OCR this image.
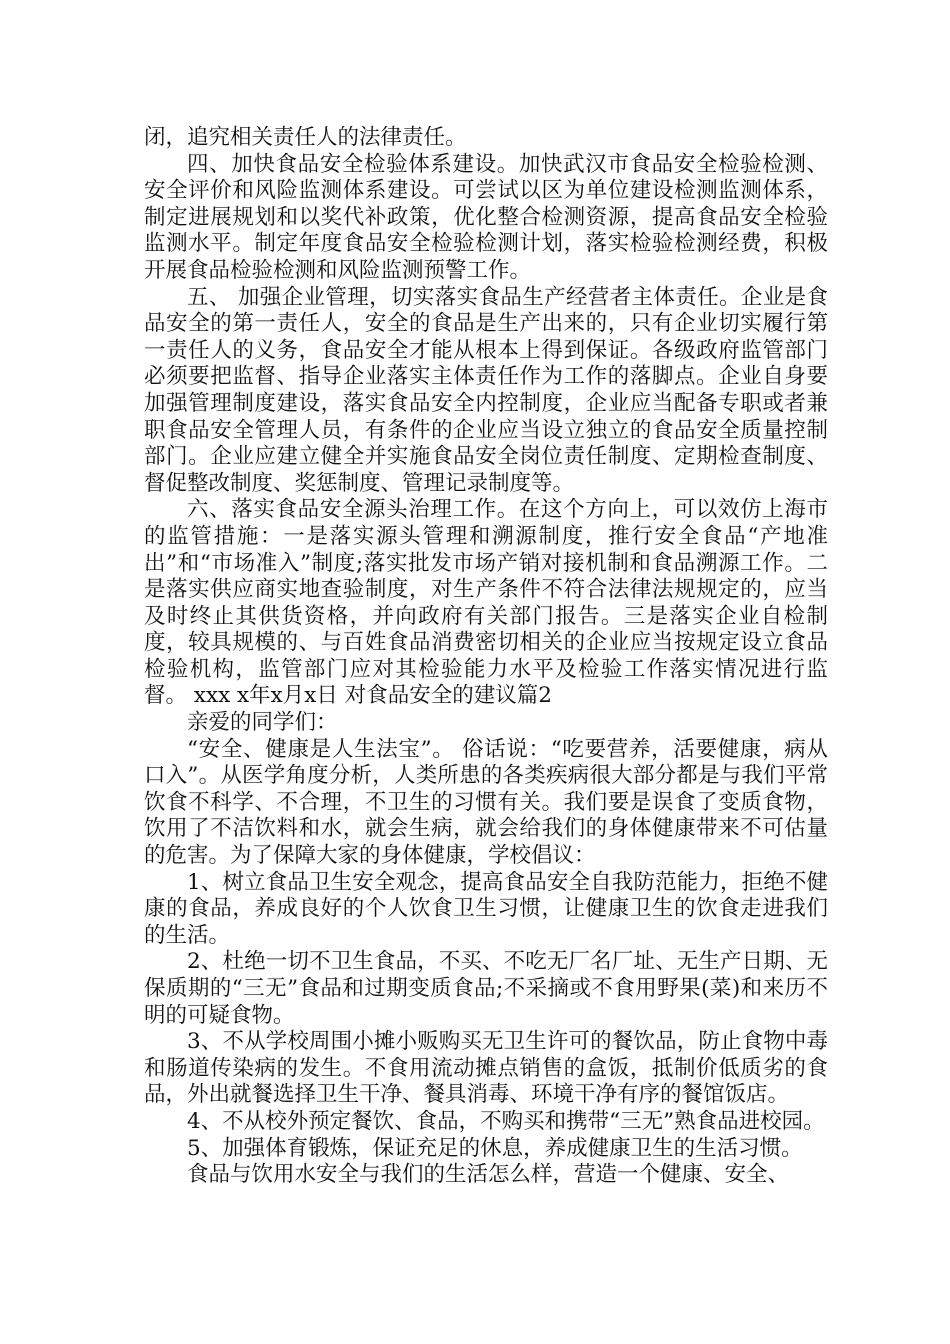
闭，追究相关责任人的法律责任。

四、加快食品安全检验体系建设。加快武汉市食品安全检验检测、安全评价和风险监测体系建设。可尝试以区为单位建设检测监测体系，制定进展规划和以奖代补政策，优化整合检测资源，提高食品安全检验监测水平。制定年度食品安全检验检测计划，落实检验检测经费，积极开展食品检验检测和风险监测预警工作。

五、 加强企业管理，切实落实食品生产经营者主体责任。企业是食品安全的第一责任人，安全的食品是生产出来的，只有企业切实履行第一责任人的义务，食品安全才能从根本上得到保证。各级政府监管部门必须要把监督、指导企业落实主体责任作为工作的落脚点。企业自身要加强管理制度建设，落实食品安全内控制度，企业应当配备专职或者兼职食品安全管理人员，有条件的企业应当设立独立的食品安全质量控制部门。企业应建立健全并实施食品安全岗位责任制度、定期检查制度、督促整改制度、奖惩制度、管理记录制度等。

六、落实食品安全源头治理工作。在这个方向上，可以效仿上海市的监管措施：一是落实源头管理和溯源制度，推行安全食品“产地准出”和“市场准入”制度;落实批发市场产销对接机制和食品溯源工作。二是落实供应商实地查验制度，对生产条件不符合法律法规规定的，应当及时终止其供货资格，并向政府有关部门报告。三是落实企业自检制度，较具规模的、与百姓食品消费密切相关的企业应当按规定设立食品检验机构，监管部门应对其检验能力水平及检验工作落实情况进行监督。 xxx x年x月x日 对食品安全的建议篇2

亲爱的同学们：

“安全、健康是人生法宝”。 俗话说：“吃要营养，活要健康，病从口入”。从医学角度分析，人类所患的各类疾病很大部分都是与我们平常饮食不科学、不合理，不卫生的习惯有关。我们要是误食了变质食物，饮用了不洁饮料和水，就会生病，就会给我们的身体健康带来不可估量的危害。为了保障大家的身体健康，学校倡议：

1、树立食品卫生安全观念，提高食品安全自我防范能力，拒绝不健康的食品，养成良好的个人饮食卫生习惯，让健康卫生的饮食走进我们的生活。

2、杜绝一切不卫生食品，不买、不吃无厂名厂址、无生产日期、无保质期的“三无”食品和过期变质食品;不采摘或不食用野果(菜)和来历不明的可疑食物。

3、不从学校周围小摊小贩购买无卫生许可的餐饮品，防止食物中毒和肠道传染病的发生。不食用流动摊点销售的盒饭，抵制价低质劣的食品，外出就餐选择卫生干净、餐具消毒、环境干净有序的餐馆饭店。

4、不从校外预定餐饮、食品，不购买和携带“三无”熟食品进校园。

5、加强体育锻炼，保证充足的休息，养成健康卫生的生活习惯。

食品与饮用水安全与我们的生活怎么样，营造一个健康、安全、
